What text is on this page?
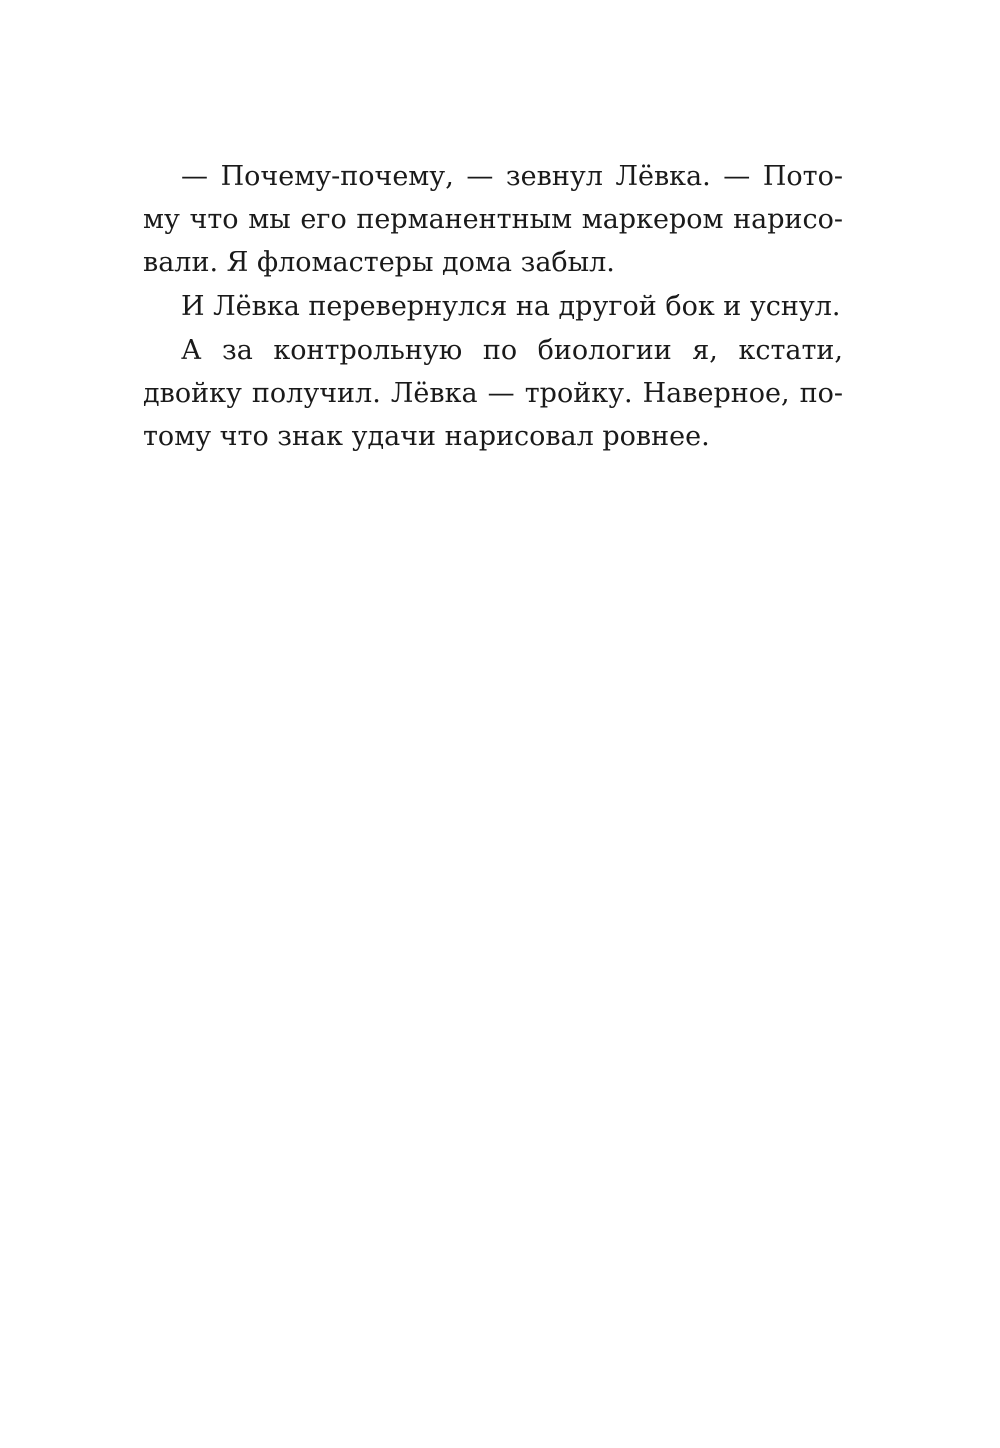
— Почему-почему, — зевнул Лёвка. — Пото-
му что мы его перманентным маркером нарисо-
вали. Я фломастеры дома забыл.

И Лёвка перевернулся на другой бок и уснул.

А за контрольную по биологии я, кстати,
двойку получил. Лёвка — тройку. Наверное, по-
тому что знак удачи нарисовал ровнее.
